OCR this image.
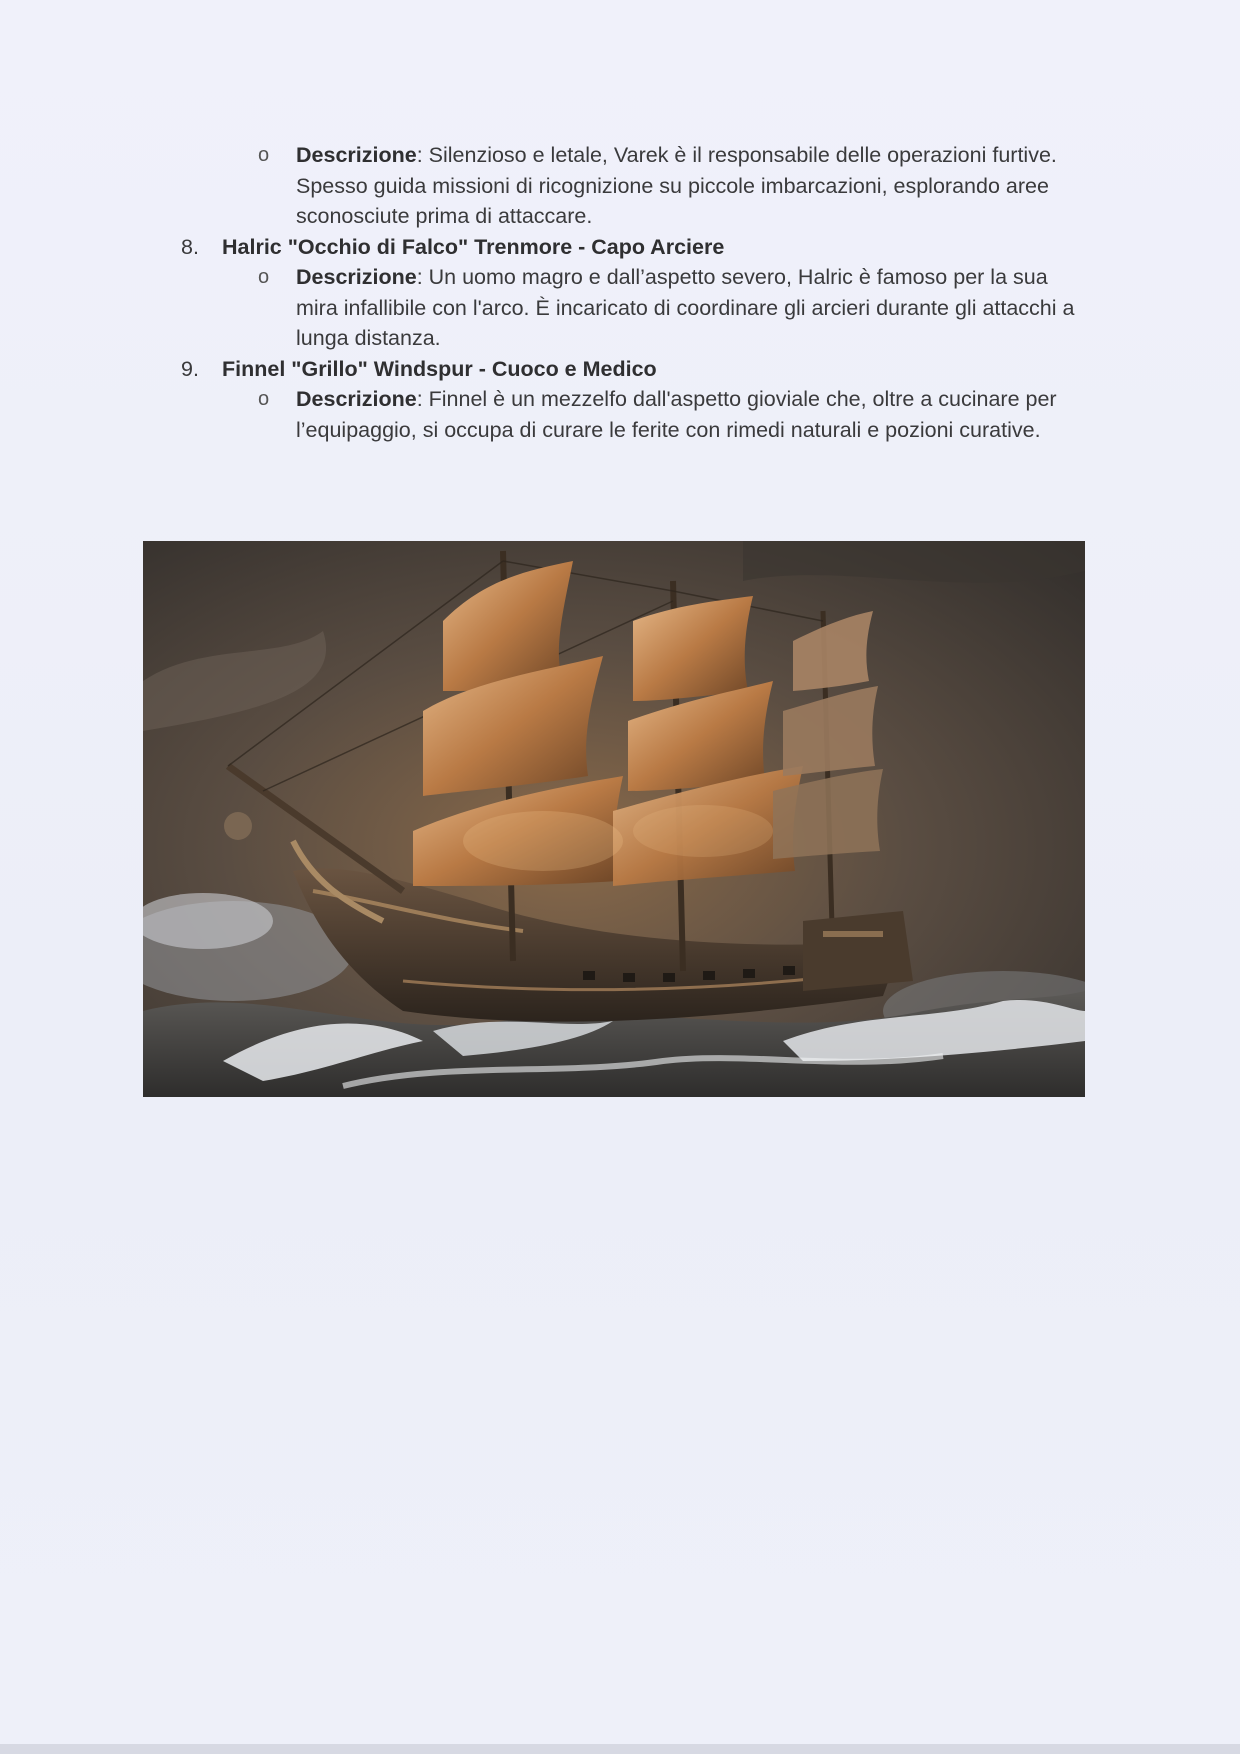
o Descrizione: Silenzioso e letale, Varek è il responsabile delle operazioni furtive. Spesso guida missioni di ricognizione su piccole imbarcazioni, esplorando aree sconosciute prima di attaccare.
8. Halric "Occhio di Falco" Trenmore - Capo Arciere
o Descrizione: Un uomo magro e dall’aspetto severo, Halric è famoso per la sua mira infallibile con l'arco. È incaricato di coordinare gli arcieri durante gli attacchi a lunga distanza.
9. Finnel "Grillo" Windspur - Cuoco e Medico
o Descrizione: Finnel è un mezzelfo dall'aspetto gioviale che, oltre a cucinare per l’equipaggio, si occupa di curare le ferite con rimedi naturali e pozioni curative.
